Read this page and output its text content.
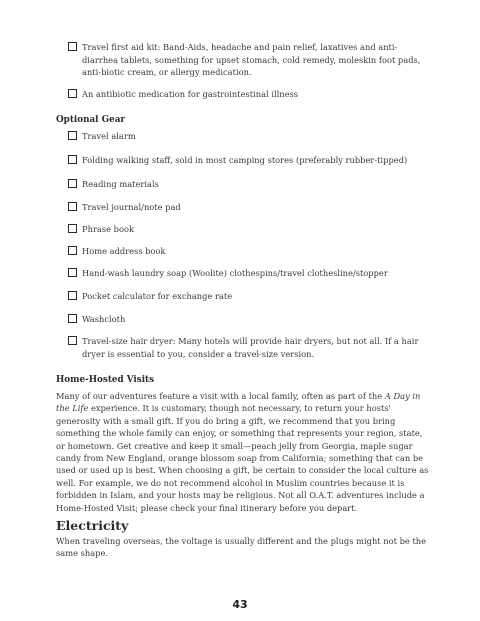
Travel first aid kit: Band-Aids, headache and pain relief, laxatives and anti-diarrhea tablets, something for upset stomach, cold remedy, moleskin foot pads, anti-biotic cream, or allergy medication.
An antibiotic medication for gastrointestinal illness
Optional Gear
Travel alarm
Folding walking staff, sold in most camping stores (preferably rubber-tipped)
Reading materials
Travel journal/note pad
Phrase book
Home address book
Hand-wash laundry soap (Woolite) clothespins/travel clothesline/stopper
Pocket calculator for exchange rate
Washcloth
Travel-size hair dryer: Many hotels will provide hair dryers, but not all. If a hair dryer is essential to you, consider a travel-size version.
Home-Hosted Visits

Many of our adventures feature a visit with a local family, often as part of the A Day in the Life experience. It is customary, though not necessary, to return your hosts' generosity with a small gift. If you do bring a gift, we recommend that you bring something the whole family can enjoy, or something that represents your region, state, or hometown. Get creative and keep it small—peach jelly from Georgia, maple sugar candy from New England, orange blossom soap from California; something that can be used or used up is best. When choosing a gift, be certain to consider the local culture as well. For example, we do not recommend alcohol in Muslim countries because it is forbidden in Islam, and your hosts may be religious. Not all O.A.T. adventures include a Home-Hosted Visit; please check your final itinerary before you depart.

Electricity

When traveling overseas, the voltage is usually different and the plugs might not be the same shape.

43
